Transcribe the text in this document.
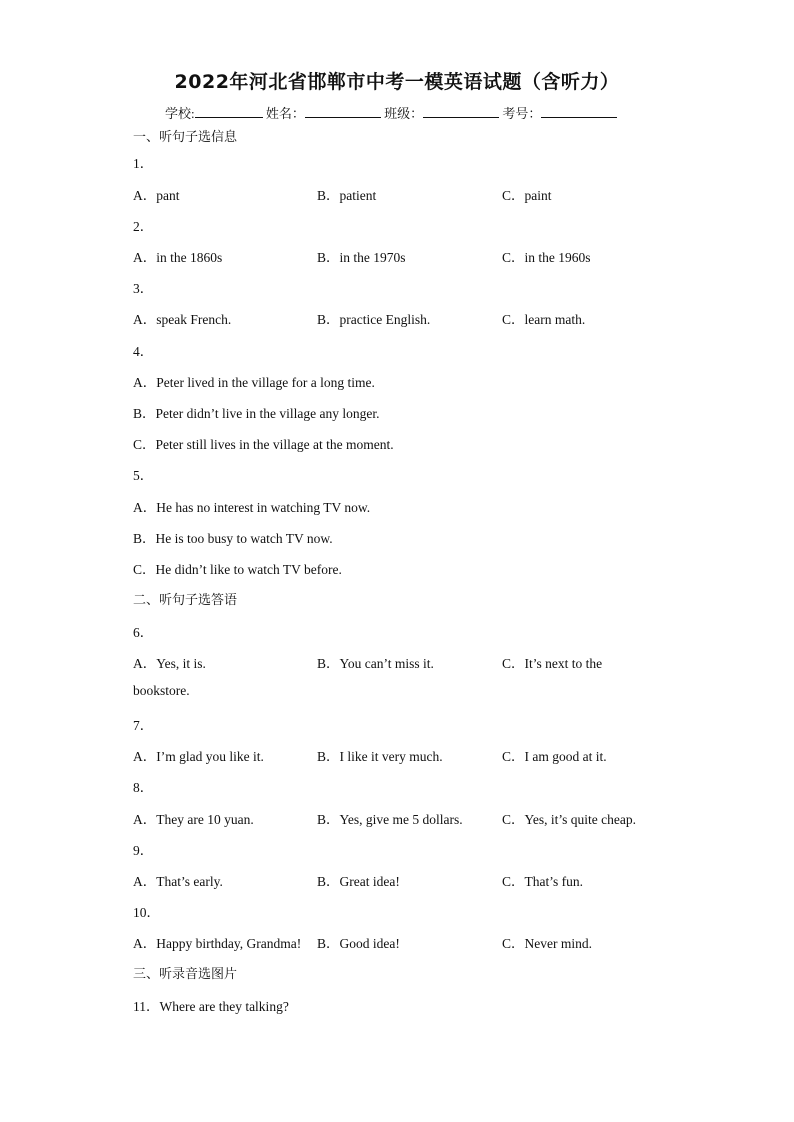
2022年河北省邯郸市中考一模英语试题（含听力）
学校:	姓名：	班级：	考号：
一、听句子选信息
1．
A．pant	B．patient	C．paint
2．
A．in the 1860s	B．in the 1970s	C．in the 1960s
3．
A．speak French.	B．practice English.	C．learn math.
4．
A．Peter lived in the village for a long time.
B．Peter didn’t live in the village any longer.
C．Peter still lives in the village at the moment.
5．
A．He has no interest in watching TV now.
B．He is too busy to watch TV now.
C．He didn’t like to watch TV before.
二、听句子选答语
6．
A．Yes, it is.	B．You can’t miss it.	C．It’s next to the
bookstore.
7．
A．I’m glad you like it.	B．I like it very much.	C．I am good at it.
8．
A．They are 10 yuan.	B．Yes, give me 5 dollars.	C．Yes, it’s quite cheap.
9．
A．That’s early.	B．Great idea!	C．That’s fun.
10．
A．Happy birthday, Grandma! B．Good idea!	C．Never mind.
三、听录音选图片
11．Where are they talking?
